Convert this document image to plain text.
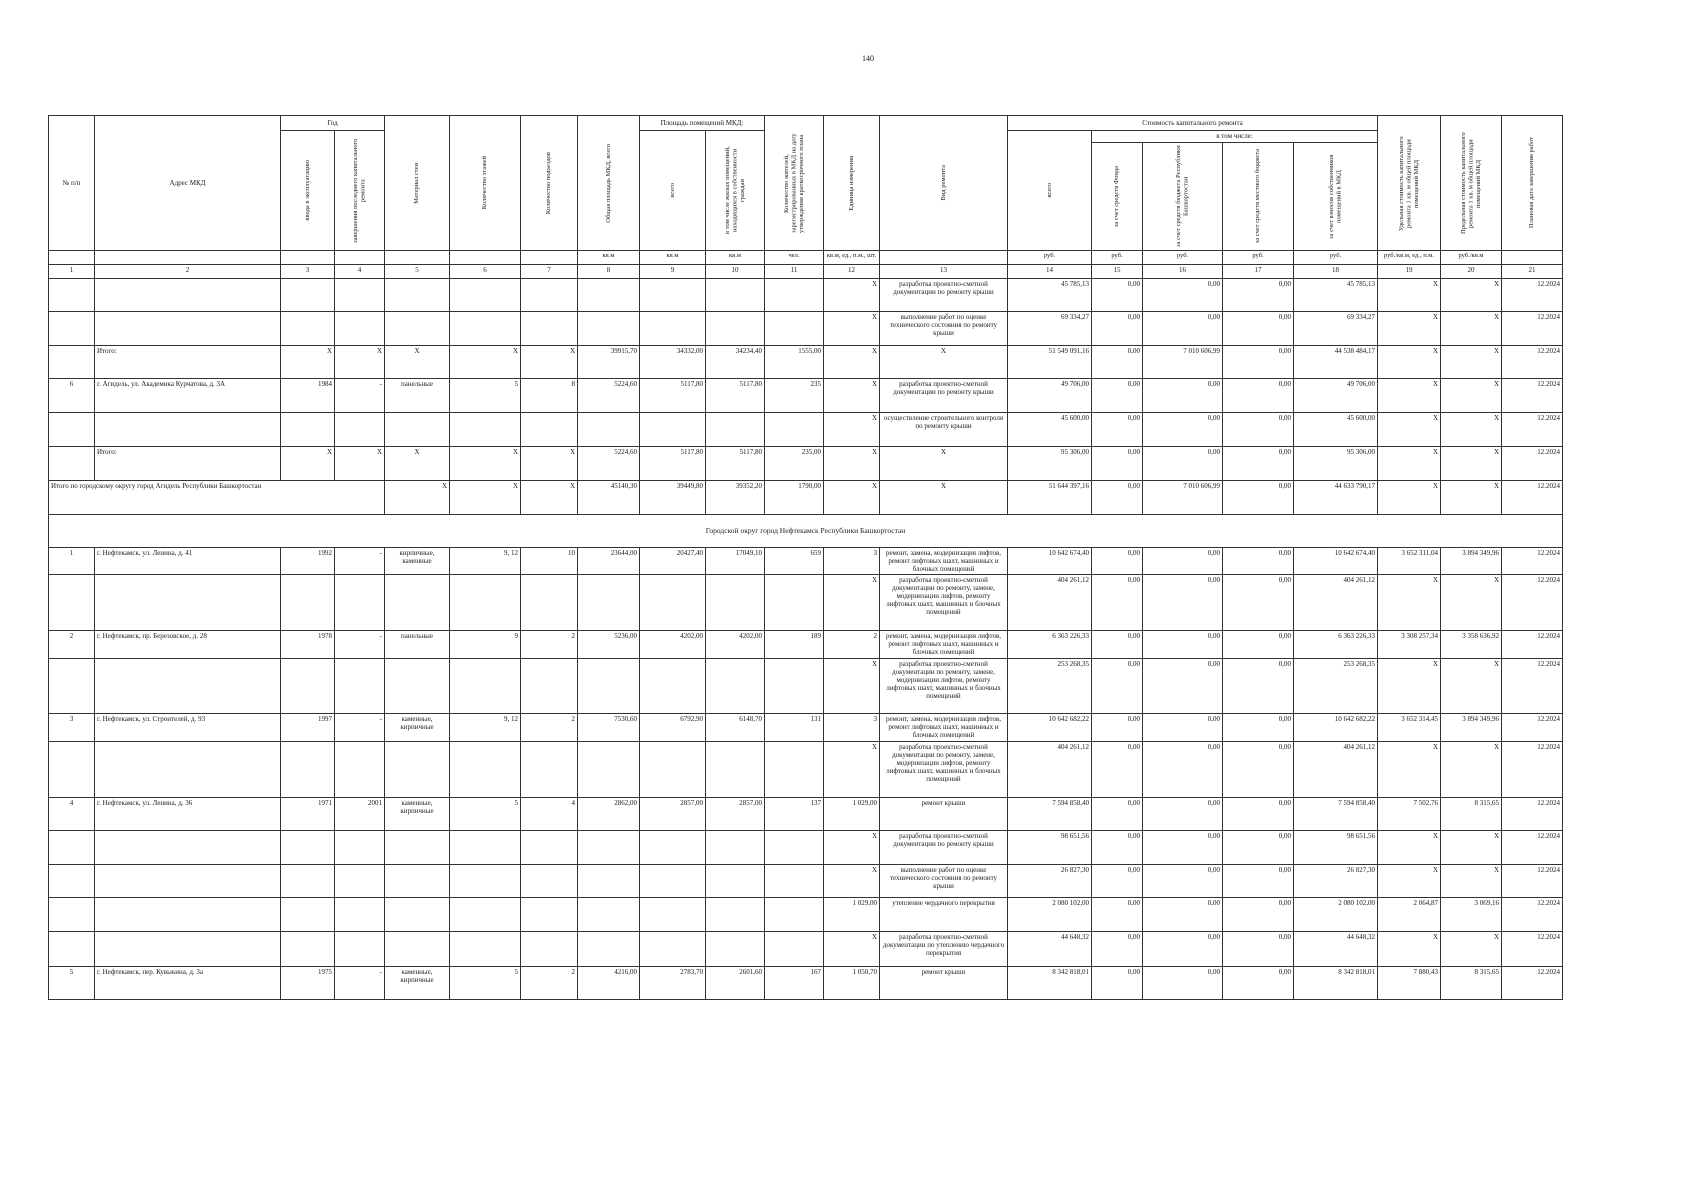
140
№ п/п	Адрес МКД	Год		Материал стен	Количество этажей	Количество подъездов	Общая площадь МКД, всего	Площадь помещений МКД:		Количество жителей, зарегистрированных в МКД на дату утверждения краткосрочного плана	Единица измерения	Вид ремонта	Стоимость капитального ремонта					Удельная стоимость капитального ремонта 1 кв. м общей площади помещений МКД	Предельная стоимость капитального ремонта 1 кв. м общей площади помещений МКД	Плановая дата завершения работ

		ввода в эксплуатацию	завершения последнего капитального ремонта					всего	в том числе жилых помещений, находящихся в собственности граждан				всего	в том числе:						

														за счет средств Фонда	за счет средств бюджета Республики Башкортостан	за счет средств местного бюджета	за счет взносов собственников помещений в МКД			

							кв.м	кв.м	кв.м	чел.	кв.м, ед., п.м., шт.		руб.	руб.	руб.	руб.	руб.	руб./кв.м, ед., п.м.	руб./кв.м	
1	2	3	4	5	6	7	8	9	10	11	12	13	14	15	16	17	18	19	20	21
											X	разработка проектно-сметной документации по ремонту крыши	45 785,13	0,00	0,00	0,00	45 785,13	X	X	12.2024
											X	выполнение работ по оценке технического состояния по ремонту крыши	69 334,27	0,00	0,00	0,00	69 334,27	X	X	12.2024
	Итого:	X	X	X	X	X	39915,70	34332,00	34234,40	1555,00	X	X	51 549 091,16	0,00	7 010 606,99	0,00	44 538 484,17	X	X	12.2024
6	г. Агидель, ул. Академика Курчатова, д. 3А	1984	-	панельные	5	8	5224,60	5117,80	5117,80	235	X	разработка проектно-сметной документации по ремонту крыши	49 706,00	0,00	0,00	0,00	49 706,00	X	X	12.2024
											X	осуществление строительного контроля по ремонту крыши	45 600,00	0,00	0,00	0,00	45 600,00	X	X	12.2024
	Итого:	X	X	X	X	X	5224,60	5117,80	5117,80	235,00	X	X	95 306,00	0,00	0,00	0,00	95 306,00	X	X	12.2024
Итого по городскому округу город Агидель Республики Башкортостан				X	X	X	45140,30	39449,80	39352,20	1790,00	X	X	51 644 397,16	0,00	7 010 606,99	0,00	44 633 790,17	X	X	12.2024
Городской округ город Нефтекамск Республики Башкортостан																				
1	г. Нефтекамск, ул. Ленина, д. 41	1992	-	кирпичные, каменные	9, 12	10	23644,00	20427,40	17049,10	659	3	ремонт, замена, модернизация лифтов, ремонт лифтовых шахт, машинных и блочных помещений	10 642 674,40	0,00	0,00	0,00	10 642 674,40	3 652 311,04	3 894 349,96	12.2024
											X	разработка проектно-сметной документации по ремонту, замене, модернизации лифтов, ремонту лифтовых шахт, машинных и блочных помещений	404 261,12	0,00	0,00	0,00	404 261,12	X	X	12.2024
2	г. Нефтекамск, пр. Березовское, д. 28	1978	-	панельные	9	2	5236,00	4202,00	4202,00	189	2	ремонт, замена, модернизация лифтов, ремонт лифтовых шахт, машинных и блочных помещений	6 363 226,33	0,00	0,00	0,00	6 363 226,33	3 308 257,34	3 358 636,92	12.2024
											X	разработка проектно-сметной документации по ремонту, замене, модернизации лифтов, ремонту лифтовых шахт, машинных и блочных помещений	253 268,35	0,00	0,00	0,00	253 268,35	X	X	12.2024
3	г. Нефтекамск, ул. Строителей, д. 93	1997	-	каменные, кирпичные	9, 12	2	7530,60	6792,90	6148,70	131	3	ремонт, замена, модернизация лифтов, ремонт лифтовых шахт, машинных и блочных помещений	10 642 682,22	0,00	0,00	0,00	10 642 682,22	3 652 314,45	3 894 349,96	12.2024
											X	разработка проектно-сметной документации по ремонту, замене, модернизации лифтов, ремонту лифтовых шахт, машинных и блочных помещений	404 261,12	0,00	0,00	0,00	404 261,12	X	X	12.2024
4	г. Нефтекамск, ул. Ленина, д. 36	1971	2001	каменные, кирпичные	5	4	2862,00	2857,00	2857,00	137	1 029,00	ремонт крыши	7 594 858,40	0,00	0,00	0,00	7 594 858,40	7 502,76	8 315,65	12.2024
											X	разработка проектно-сметной документации по ремонту крыши	98 651,56	0,00	0,00	0,00	98 651,56	X	X	12.2024
											X	выполнение работ по оценке технического состояния по ремонту крыши	26 827,30	0,00	0,00	0,00	26 827,30	X	X	12.2024
											1 029,00	утепление чердачного перекрытия	2 080 102,00	0,00	0,00	0,00	2 080 102,00	2 064,87	3 069,16	12.2024
											X	разработка проектно-сметной документации по утеплению чердачного перекрытия	44 648,32	0,00	0,00	0,00	44 648,32	X	X	12.2024
5	г. Нефтекамск, пер. Кувыкина, д. 3а	1975	-	каменные, кирпичные	5	2	4216,00	2783,70	2601,60	167	1 050,70	ремонт крыши	8 342 818,01	0,00	0,00	0,00	8 342 818,01	7 880,43	8 315,65	12.2024
